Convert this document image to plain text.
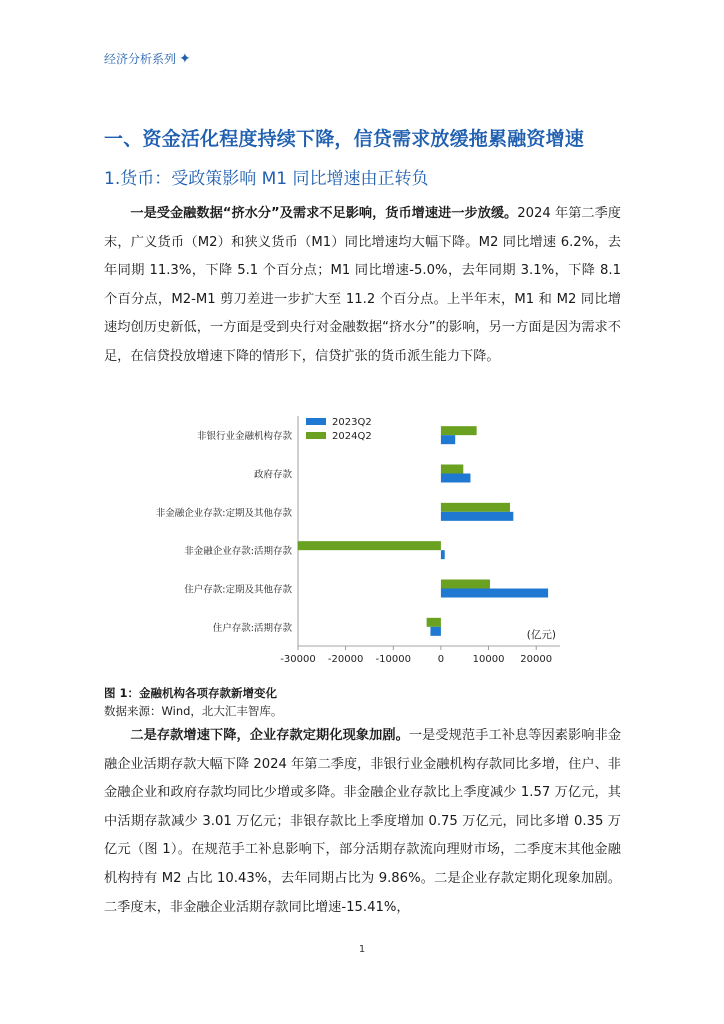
经济分析系列 ✦
一、资金活化程度持续下降，信贷需求放缓拖累融资增速
1.货币：受政策影响 M1 同比增速由正转负
一是受金融数据“挤水分”及需求不足影响，货币增速进一步放缓。2024 年第二季度末，广义货币（M2）和狭义货币（M1）同比增速均大幅下降。M2 同比增速 6.2%，去年同期 11.3%，下降 5.1 个百分点；M1 同比增速-5.0%，去年同期 3.1%，下降 8.1 个百分点，M2-M1 剪刀差进一步扩大至 11.2 个百分点。上半年末，M1 和 M2 同比增速均创历史新低，一方面是受到央行对金融数据“挤水分”的影响，另一方面是因为需求不足，在信贷投放增速下降的情形下，信贷扩张的货币派生能力下降。
-30000 -20000 -10000	0	10000 20000
非银行业金融机构存款
政府存款
非金融企业存款:定期及其他存款
非金融企业存款:活期存款
住户存款:定期及其他存款
住户存款:活期存款
2023Q2
2024Q2
(亿元)
图 1：金融机构各项存款新增变化
数据来源：Wind，北大汇丰智库。
二是存款增速下降，企业存款定期化现象加剧。一是受规范手工补息等因素影响非金融企业活期存款大幅下降 2024 年第二季度，非银行业金融机构存款同比多增，住户、非金融企业和政府存款均同比少增或多降。非金融企业存款比上季度减少 1.57 万亿元，其中活期存款减少 3.01 万亿元；非银存款比上季度增加 0.75 万亿元，同比多增 0.35 万亿元（图 1）。在规范手工补息影响下，部分活期存款流向理财市场，二季度末其他金融机构持有 M2 占比 10.43%，去年同期占比为 9.86%。二是企业存款定期化现象加剧。二季度末，非金融企业活期存款同比增速-15.41%，
1
